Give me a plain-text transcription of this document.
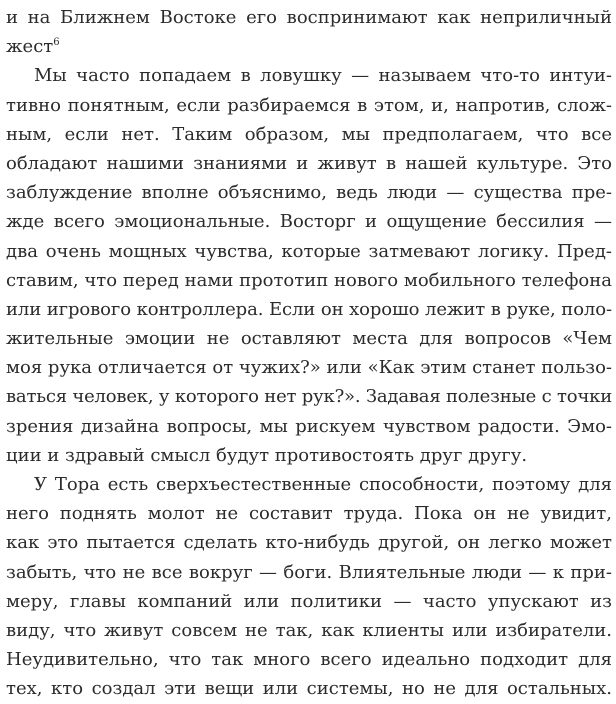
и на Ближнем Востоке его воспринимают как неприличный
жест$^6$
Мы часто попадаем в ловушку — называем что-то интуи-
тивно понятным, если разбираемся в этом, и, напротив, слож-
ным, если нет. Таким образом, мы предполагаем, что все
обладают нашими знаниями и живут в нашей культуре. Это
заблуждение вполне объяснимо, ведь люди — существа пре-
жде всего эмоциональные. Восторг и ощущение бессилия —
два очень мощных чувства, которые затмевают логику. Пред-
ставим, что перед нами прототип нового мобильного телефона
или игрового контроллера. Если он хорошо лежит в руке, поло-
жительные эмоции не оставляют места для вопросов «Чем
моя рука отличается от чужих?» или «Как этим станет пользо-
ваться человек, у которого нет рук?». Задавая полезные с точки
зрения дизайна вопросы, мы рискуем чувством радости. Эмо-
ции и здравый смысл будут противостоять друг другу.
У Тора есть сверхъестественные способности, поэтому для
него поднять молот не составит труда. Пока он не увидит,
как это пытается сделать кто-нибудь другой, он легко может
забыть, что не все вокруг — боги. Влиятельные люди — к при-
меру, главы компаний или политики — часто упускают из
виду, что живут совсем не так, как клиенты или избиратели.
Неудивительно, что так много всего идеально подходит для
тех, кто создал эти вещи или системы, но не для остальных.
